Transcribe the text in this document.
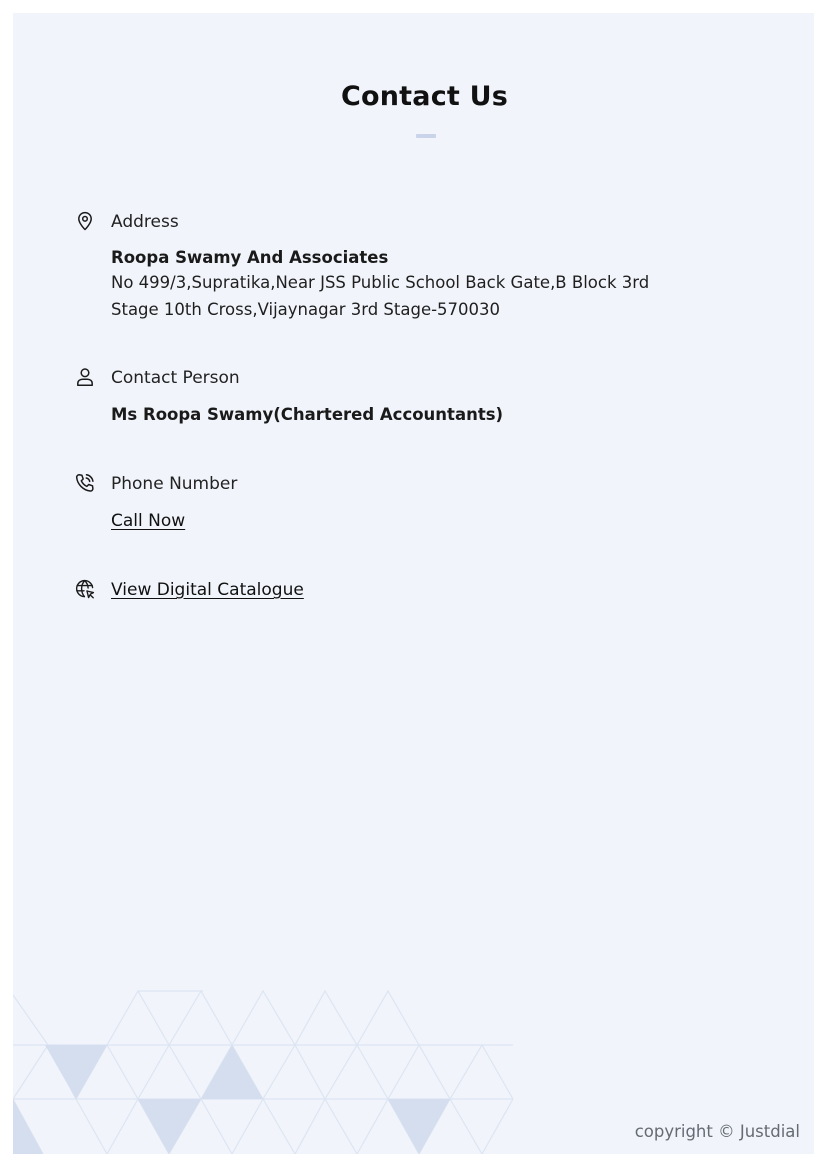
Contact Us
Address
Roopa Swamy And Associates
No 499/3,Supratika,Near JSS Public School Back Gate,B Block 3rd
Stage 10th Cross,Vijaynagar 3rd Stage-570030
Contact Person
Ms Roopa Swamy(Chartered Accountants)
Phone Number
Call Now
View Digital Catalogue
copyright © Justdial
